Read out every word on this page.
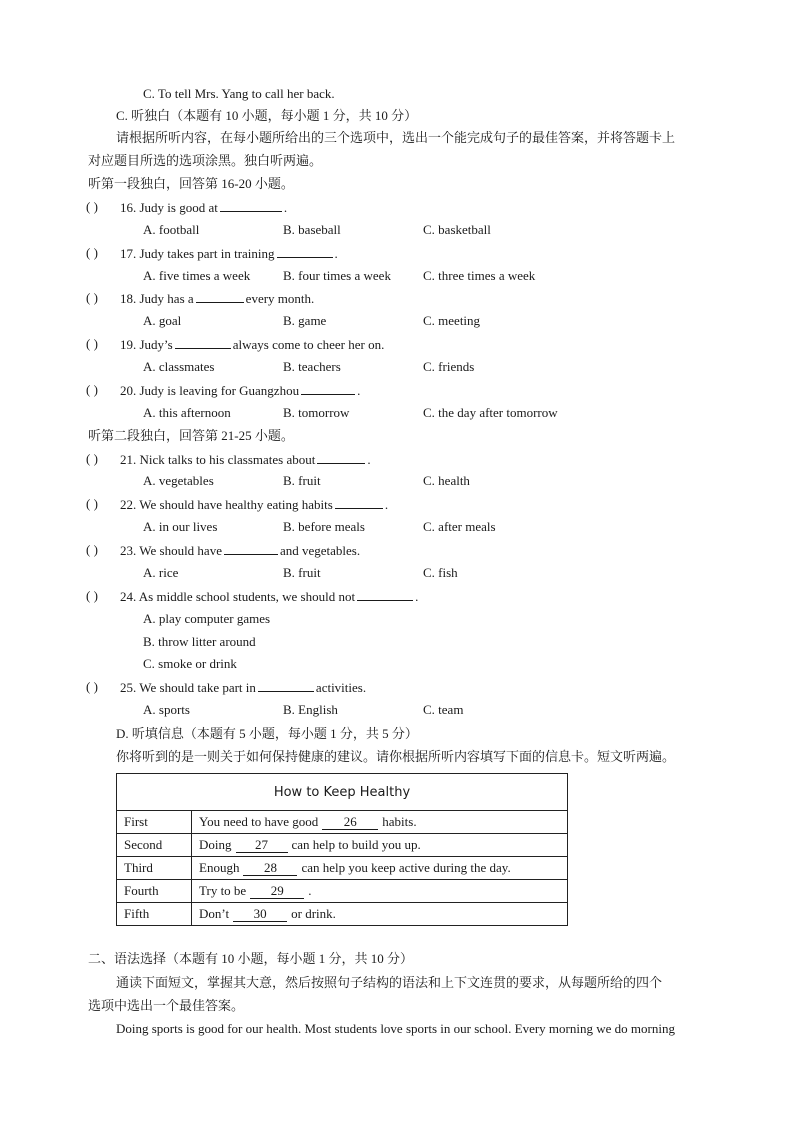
C. To tell Mrs. Yang to call her back.
C. 听独白（本题有 10 小题，每小题 1 分，共 10 分）
请根据所听内容，在每小题所给出的三个选项中，选出一个能完成句子的最佳答案，并将答题卡上
对应题目所选的选项涂黑。独白听两遍。
听第一段独白，回答第 16-20 小题。
( ) 16. Judy is good at	.
A. football	B. baseball	C. basketball
( ) 17. Judy takes part in training	.
A. five times a week	B. four times a week C. three times a week
( ) 18. Judy has a	every month.
A. goal	B. game	C. meeting
( ) 19. Judy’s	always come to cheer her on.
A. classmates	B. teachers	C. friends
( ) 20. Judy is leaving for Guangzhou	.
A. this afternoon	B. tomorrow	C. the day after tomorrow
听第二段独白，回答第 21-25 小题。
( ) 21. Nick talks to his classmates about	.
A. vegetables	B. fruit	C. health
( ) 22. We should have healthy eating habits	.
A. in our lives	B. before meals	C. after meals
( ) 23. We should have	and vegetables.
A. rice	B. fruit	C. fish
( ) 24. As middle school students, we should not	.
A. play computer games
B. throw litter around
C. smoke or drink
( ) 25. We should take part in	activities.
A. sports	B. English	C. team
D. 听填信息（本题有 5 小题，每小题 1 分，共 5 分）
你将听到的是一则关于如何保持健康的建议。请你根据所听内容填写下面的信息卡。短文听两遍。
How to Keep Healthy	
First	You need to have good 26 habits.
Second	Doing 27 can help to build you up.
Third	Enough 28 can help you keep active during the day.
Fourth	Try to be 29 .
Fifth	Don’t 30 or drink.
二、语法选择（本题有 10 小题，每小题 1 分，共 10 分）
通读下面短文，掌握其大意，然后按照句子结构的语法和上下文连贯的要求，从每题所给的四个
选项中选出一个最佳答案。
Doing sports is good for our health. Most students love sports in our school. Every morning we do morning
